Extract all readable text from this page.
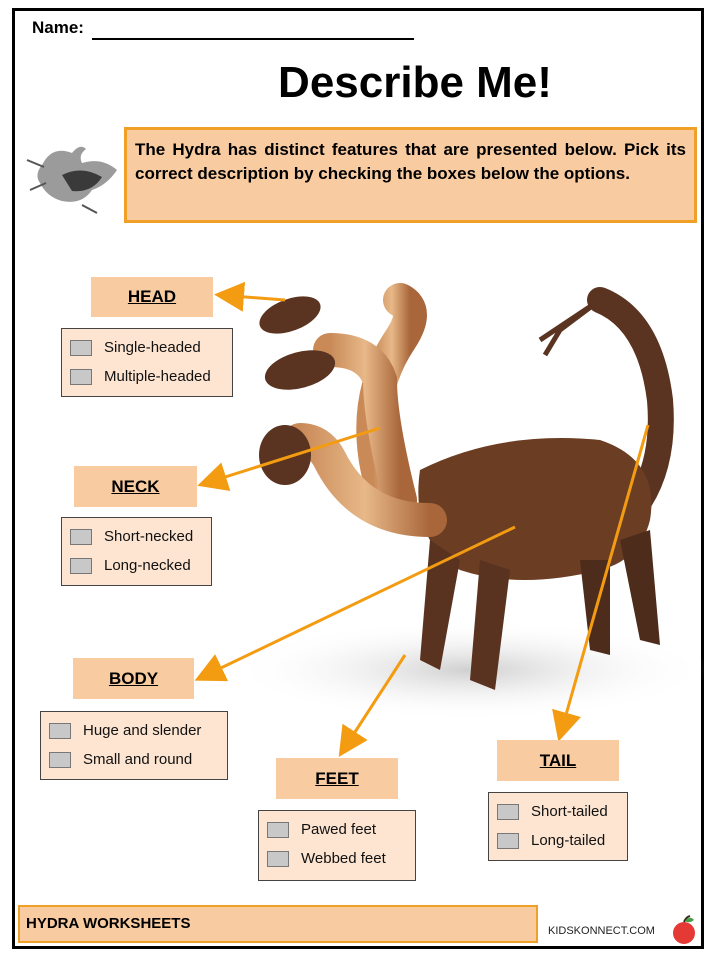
Name:
Describe Me!
The Hydra has distinct features that are presented below. Pick its correct description by checking the boxes below the options.
HEAD
Single-headed
Multiple-headed
NECK
Short-necked
Long-necked
BODY
Huge and slender
Small and round
FEET
Pawed feet
Webbed feet
TAIL
Short-tailed
Long-tailed
HYDRA WORKSHEETS	KIDSKONNECT.COM
